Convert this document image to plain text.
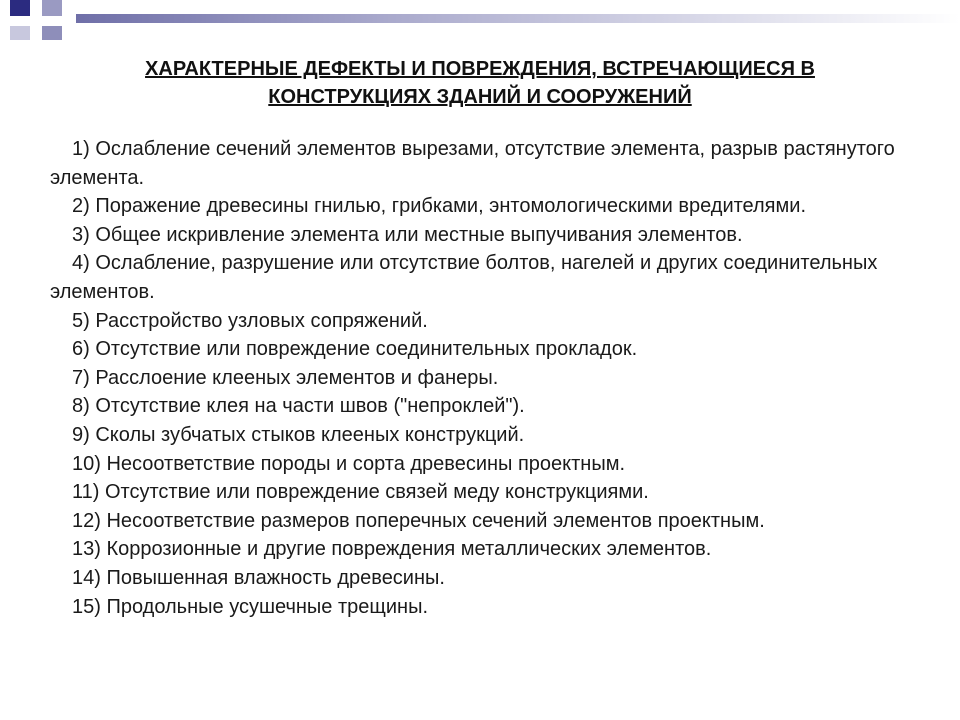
ХАРАКТЕРНЫЕ ДЕФЕКТЫ И ПОВРЕЖДЕНИЯ, ВСТРЕЧАЮЩИЕСЯ В
КОНСТРУКЦИЯХ ЗДАНИЙ И СООРУЖЕНИЙ
1) Ослабление сечений элементов вырезами, отсутствие элемента, разрыв растянутого элемента.
2) Поражение древесины гнилью, грибками, энтомологическими вредителями.
3) Общее искривление элемента или местные выпучивания элементов.
4) Ослабление, разрушение или отсутствие болтов, нагелей и других соединительных элементов.
5) Расстройство узловых сопряжений.
6) Отсутствие или повреждение соединительных прокладок.
7) Расслоение клееных элементов и фанеры.
8) Отсутствие клея на части швов ("непроклей").
9) Сколы зубчатых стыков клееных конструкций.
10) Несоответствие породы и сорта древесины проектным.
11) Отсутствие или повреждение связей меду конструкциями.
12) Несоответствие размеров поперечных сечений элементов проектным.
13) Коррозионные и другие повреждения металлических элементов.
14) Повышенная влажность древесины.
15) Продольные усушечные трещины.
